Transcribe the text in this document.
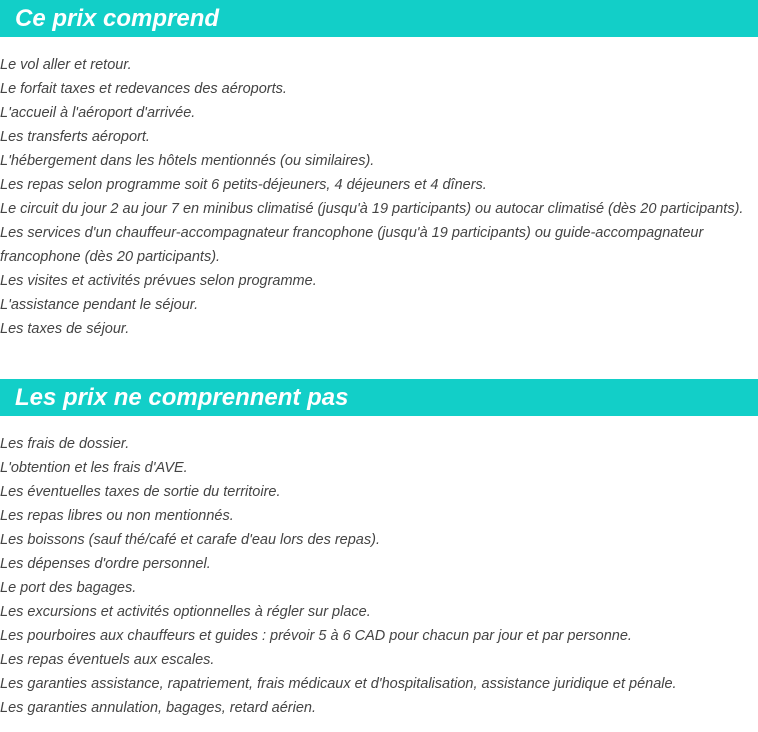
Ce prix comprend
Le vol aller et retour.
Le forfait taxes et redevances des aéroports.
L'accueil à l'aéroport d'arrivée.
Les transferts aéroport.
L'hébergement dans les hôtels mentionnés (ou similaires).
Les repas selon programme soit 6 petits-déjeuners, 4 déjeuners et 4 dîners.
Le circuit du jour 2 au jour 7 en minibus climatisé (jusqu'à 19 participants) ou autocar climatisé (dès 20 participants).
Les services d'un chauffeur-accompagnateur francophone (jusqu'à 19 participants) ou guide-accompagnateur francophone (dès 20 participants).
Les visites et activités prévues selon programme.
L'assistance pendant le séjour.
Les taxes de séjour.
Les prix ne comprennent pas
Les frais de dossier.
L'obtention et les frais d'AVE.
Les éventuelles taxes de sortie du territoire.
Les repas libres ou non mentionnés.
Les boissons (sauf thé/café et carafe d'eau lors des repas).
Les dépenses d'ordre personnel.
Le port des bagages.
Les excursions et activités optionnelles à régler sur place.
Les pourboires aux chauffeurs et guides : prévoir 5 à 6 CAD pour chacun par jour et par personne.
Les repas éventuels aux escales.
Les garanties assistance, rapatriement, frais médicaux et d'hospitalisation, assistance juridique et pénale.
Les garanties annulation, bagages, retard aérien.
